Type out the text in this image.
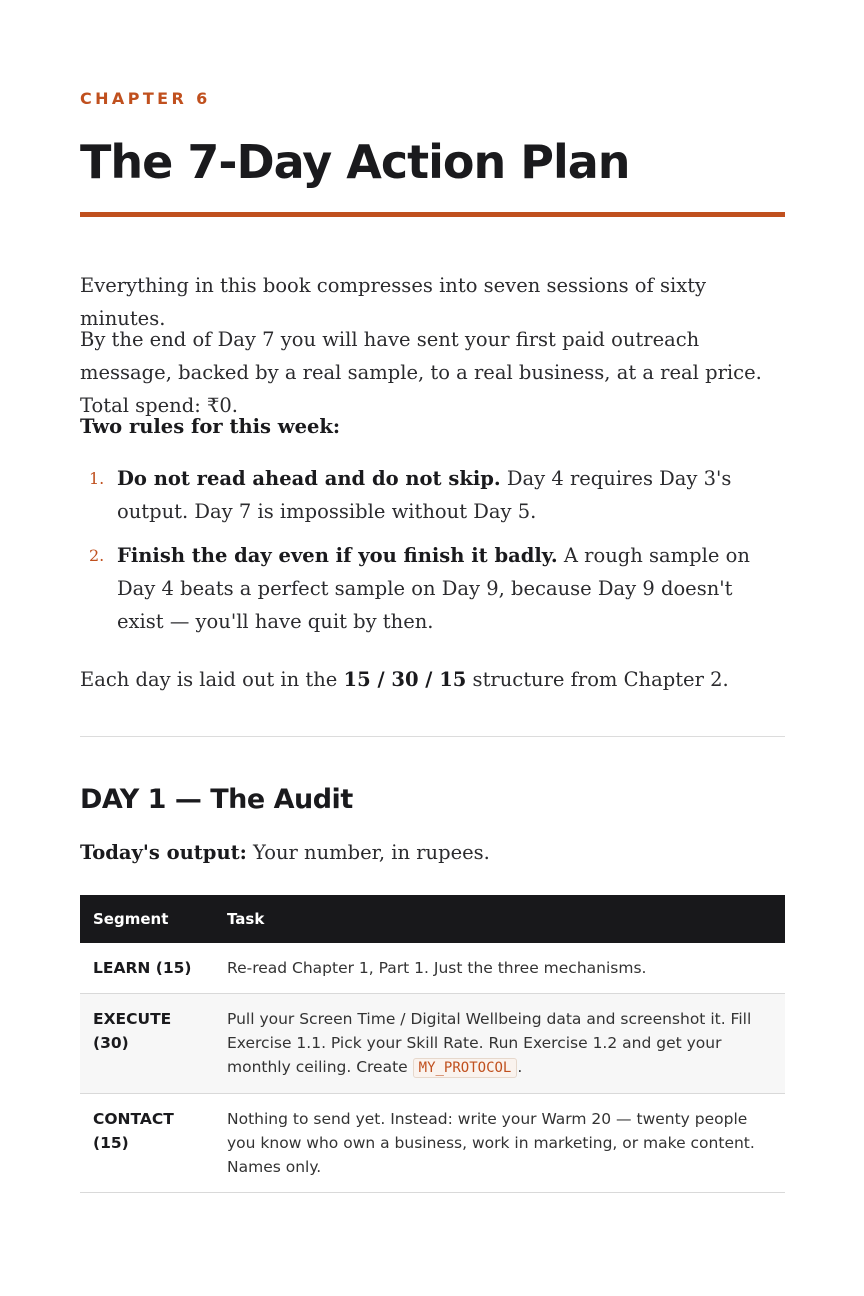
CHAPTER 6
The 7-Day Action Plan

Everything in this book compresses into seven sessions of sixty minutes.

By the end of Day 7 you will have sent your first paid outreach message, backed by a real sample, to a real business, at a real price. Total spend: ₹0.

Two rules for this week:

1. Do not read ahead and do not skip. Day 4 requires Day 3's output. Day 7 is impossible without Day 5.
2. Finish the day even if you finish it badly. A rough sample on Day 4 beats a perfect sample on Day 9, because Day 9 doesn't exist — you'll have quit by then.

Each day is laid out in the 15 / 30 / 15 structure from Chapter 2.

DAY 1 — The Audit

Today's output: Your number, in rupees.

Segment	Task
LEARN (15)	Re-read Chapter 1, Part 1. Just the three mechanisms.
EXECUTE (30)	Pull your Screen Time / Digital Wellbeing data and screenshot it. Fill Exercise 1.1. Pick your Skill Rate. Run Exercise 1.2 and get your monthly ceiling. Create MY_PROTOCOL .
CONTACT (15)	Nothing to send yet. Instead: write your Warm 20 — twenty people you know who own a business, work in marketing, or make content. Names only.
